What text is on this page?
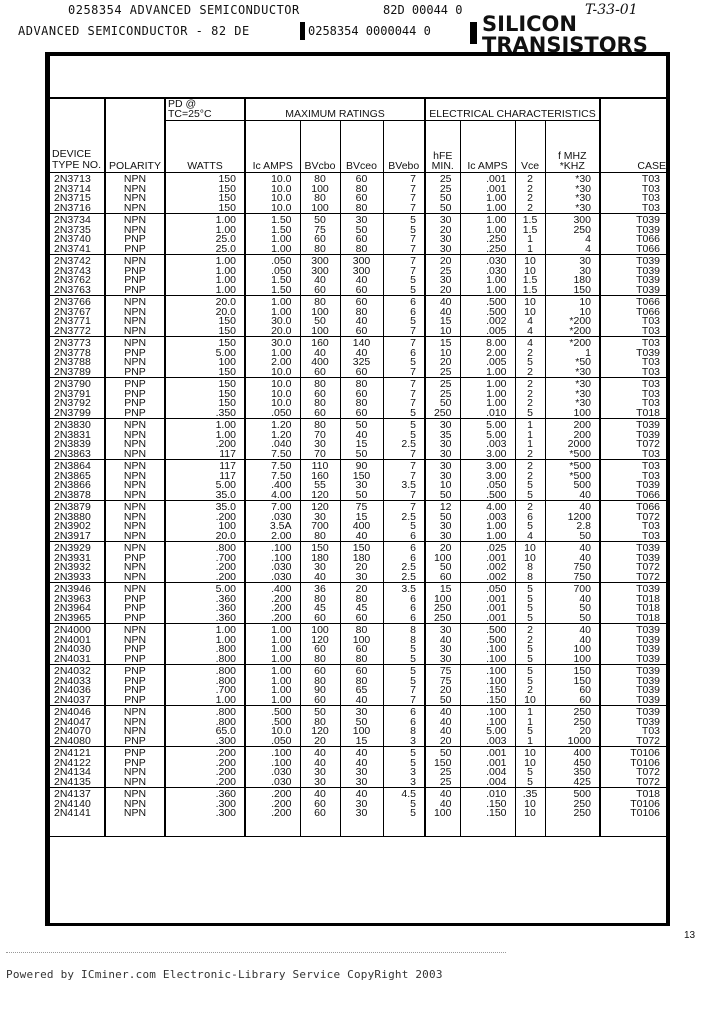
0258354 ADVANCED SEMICONDUCTOR	82D 00044 0	T-33-01
ADVANCED SEMICONDUCTOR - 82 DE	0258354 0000044 0 SILICON
TRANSISTORS
DEVICE TYPE NO.	POLARITY	PD @ TC=25°C	MAXIMUM RATINGS				ELECTRICAL CHARACTERISTICS				CASE
		WATTS	Ic AMPS	BVcbo	BVceo	BVebo	hFE MIN.	Ic AMPS	Vce	f MHZ *KHZ	
2N3713	NPN	150	10.0	80	60	7	25	.001	2	*30	T03
2N3714	NPN	150	10.0	100	80	7	25	.001	2	*30	T03
2N3715	NPN	150	10.0	80	60	7	50	1.00	2	*30	T03
2N3716	NPN	150	10.0	100	80	7	50	1.00	2	*30	T03
2N3734	NPN	1.00	1.50	50	30	5	30	1.00	1.5	300	T039
2N3735	NPN	1.00	1.50	75	50	5	20	1.00	1.5	250	T039
2N3740	PNP	25.0	1.00	60	60	7	30	.250	1	4	T066
2N3741	PNP	25.0	1.00	80	80	7	30	.250	1	4	T066
2N3742	NPN	1.00	.050	300	300	7	20	.030	10	30	T039
2N3743	PNP	1.00	.050	300	300	7	25	.030	10	30	T039
2N3762	PNP	1.00	1.50	40	40	5	30	1.00	1.5	180	T039
2N3763	PNP	1.00	1.50	60	60	5	20	1.00	1.5	150	T039
2N3766	NPN	20.0	1.00	80	60	6	40	.500	10	10	T066
2N3767	NPN	20.0	1.00	100	80	6	40	.500	10	10	T066
2N3771	NPN	150	30.0	50	40	5	15	.002	4	*200	T03
2N3772	NPN	150	20.0	100	60	7	10	.005	4	*200	T03
2N3773	NPN	150	30.0	160	140	7	15	8.00	4	*200	T03
2N3778	PNP	5.00	1.00	40	40	6	10	2.00	2	1	T039
2N3788	NPN	100	2.00	400	325	5	20	.005	5	*50	T03
2N3789	PNP	150	10.0	60	60	7	25	1.00	2	*30	T03
2N3790	PNP	150	10.0	80	80	7	25	1.00	2	*30	T03
2N3791	PNP	150	10.0	60	60	7	25	1.00	2	*30	T03
2N3792	PNP	150	10.0	80	80	7	50	1.00	2	*30	T03
2N3799	PNP	.350	.050	60	60	5	250	.010	5	100	T018
2N3830	NPN	1.00	1.20	80	50	5	30	5.00	1	200	T039
2N3831	NPN	1.00	1.20	70	40	5	35	5.00	1	200	T039
2N3839	NPN	.200	.040	30	15	2.5	30	.003	1	2000	T072
2N3863	NPN	117	7.50	70	50	7	30	3.00	2	*500	T03
2N3864	NPN	117	7.50	110	90	7	30	3.00	2	*500	T03
2N3865	NPN	117	7.50	160	150	7	30	3.00	2	*500	T03
2N3866	NPN	5.00	.400	55	30	3.5	10	.050	5	500	T039
2N3878	NPN	35.0	4.00	120	50	7	50	.500	5	40	T066
2N3879	NPN	35.0	7.00	120	75	7	12	4.00	2	40	T066
2N3880	NPN	.200	.030	30	15	2.5	50	.003	6	1200	T072
2N3902	NPN	100	3.5A	700	400	5	30	1.00	5	2.8	T03
2N3917	NPN	20.0	2.00	80	40	6	30	1.00	4	50	T03
2N3929	NPN	.800	.100	150	150	6	20	.025	10	40	T039
2N3931	PNP	.700	.100	180	180	6	100	.001	10	40	T039
2N3932	NPN	.200	.030	30	20	2.5	50	.002	8	750	T072
2N3933	NPN	.200	.030	40	30	2.5	60	.002	8	750	T072
2N3946	NPN	5.00	.400	36	20	3.5	15	.050	5	700	T039
2N3963	PNP	.360	.200	80	80	6	100	.001	5	40	T018
2N3964	PNP	.360	.200	45	45	6	250	.001	5	50	T018
2N3965	PNP	.360	.200	60	60	6	250	.001	5	50	T018
2N4000	NPN	1.00	1.00	100	80	8	30	.500	2	40	T039
2N4001	NPN	1.00	1.00	120	100	8	40	.500	2	40	T039
2N4030	PNP	.800	1.00	60	60	5	30	.100	5	100	T039
2N4031	PNP	.800	1.00	80	80	5	30	.100	5	100	T039
2N4032	PNP	.800	1.00	60	60	5	75	.100	5	150	T039
2N4033	PNP	.800	1.00	80	80	5	75	.100	5	150	T039
2N4036	PNP	.700	1.00	90	65	7	20	.150	2	60	T039
2N4037	PNP	1.00	1.00	60	40	7	50	.150	10	60	T039
2N4046	NPN	.800	.500	50	30	6	40	.100	1	250	T039
2N4047	NPN	.800	.500	80	50	6	40	.100	1	250	T039
2N4070	NPN	65.0	10.0	120	100	8	40	5.00	5	20	T03
2N4080	PNP	.300	.050	20	15	3	20	.003	1	1000	T072
2N4121	PNP	.200	.100	40	40	5	50	.001	10	400	T0106
2N4122	PNP	.200	.100	40	40	5	150	.001	10	450	T0106
2N4134	NPN	.200	.030	30	30	3	25	.004	5	350	T072
2N4135	NPN	.200	.030	30	30	3	25	.004	5	425	T072
2N4137	NPN	.360	.200	40	40	4.5	40	.010	.35	500	T018
2N4140	NPN	.300	.200	60	30	5	40	.150	10	250	T0106
2N4141	NPN	.300	.200	60	30	5	100	.150	10	250	T0106

13
Powered by ICminer.com Electronic-Library Service CopyRight 2003
